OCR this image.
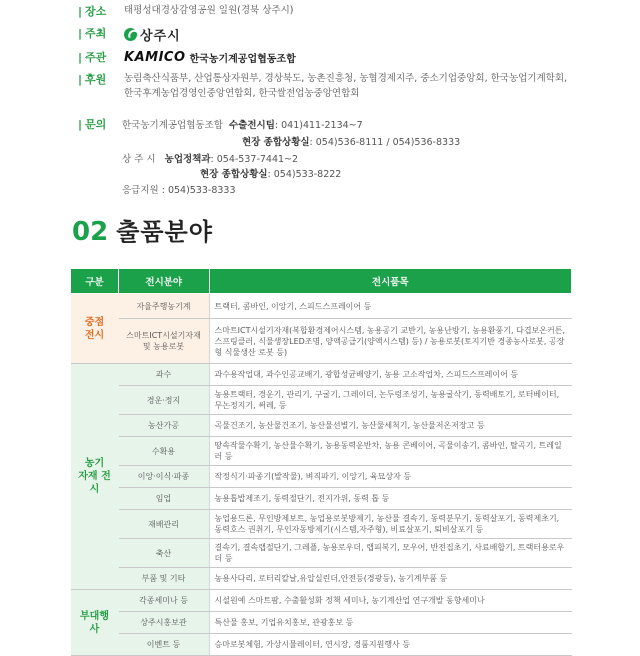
| 장소	태평성대경상감영공원 일원(경북 상주시)
| 주최	상주시
| 주관	KAMICO 한국농기계공업협동조합
| 후원	농림축산식품부, 산업통상자원부, 경상북도, 농촌진흥청, 농협경제지주, 중소기업중앙회, 한국농업기계학회,
한국후계농업경영인중앙연합회, 한국쌀전업농중앙연합회
| 문의	한국농기계공업협동조합 수출전시팀: 041)411-2134~7
현장 종합상황실: 054)536-8111 / 054)536-8333
상 주 시 농업정책과: 054-537-7441~2
현장 종합상황실: 054)533-8222
응급지원 : 054)533-8333
02 출품분야
구분	전시분야	전시품목
중점
전시	자율주행농기계	트랙터, 콤바인, 이앙기, 스피드스프레이어 등
	스마트ICT시설기자재 및 농용로봇	스마트ICT시설기자재(복합환경제어시스템, 농용공기 교반기, 농용난방기, 농용환풍기, 다겹보온커튼, 스프링클러, 식물생장LED조명, 양액공급기(양액시스템) 등) / 농용로봇(토지기반 경종농사로봇, 공장형 식물생산 로봇 등)
농기
자재 전시	과수	과수용작업대, 과수인공교배기, 광합성균배양기, 농용 고소작업차, 스피드스프레이어 등
	경운·정지	농용트랙터, 경운기, 관리기, 구굴기, 그레이더, 논두렁조성기, 농용굴삭기, 동력배토기, 로터베이터, 무논정지기, 써레, 등
	농산가공	곡물건조기, 농산물건조기, 농산물선별기, 농산물세척기, 농산물저온저장고 등
	수확용	땅속작물수확기, 농산물수확기, 농용동력운반차, 농용 콘베이어, 곡물이송기, 콤바인, 탈곡기, 트레일러 등
	이앙·이식·파종	작정식기·파종기(발작물), 벼직파기, 이앙기, 육묘상자 등
	임업	농용톱밥제조기, 동력절단기, 전지가위, 동력 톱 등
	재배관리	농업용드론, 무인방제보트, 농업용로봇방제기, 농산물 결속기, 동력분무기, 동력살포기, 동력제초기, 동력호스 권취기, 무인자동방제기(시스템,자주형), 비료살포기, 퇴비살포기 등
	축산	결속기, 결속랩절단기, 그레플, 농용로우더, 랩피복기, 모우어, 반전집초기, 사료배합기, 트랙터용로우더 등
	부품 및 기타	농용사다리, 로터리칼날,유압실린더,안전등(경광등), 농기계부품 등
부대행사	각종세미나 등	시설원예 스마트팜, 수출활성화 정책 세미나, 농기계산업 연구개발 동향세미나
	상주시홍보관	특산물 홍보, 기업유치홍보, 관광홍보 등
	이벤트 등	승마로봇체험, 가상시뮬레이터, 연시장, 경품지원행사 등
